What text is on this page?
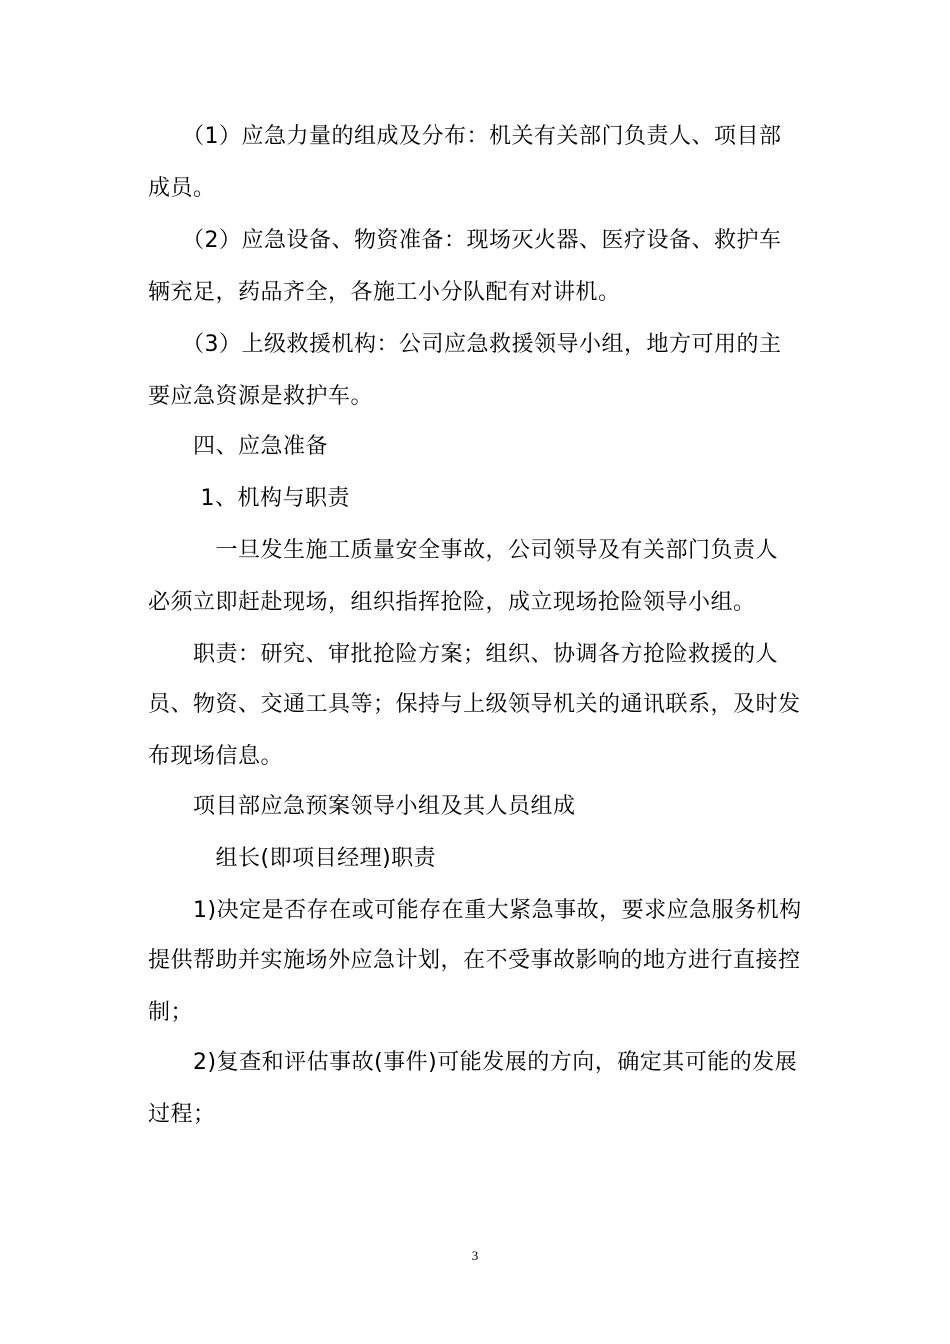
　　（1）应急力量的组成及分布：机关有关部门负责人、项目部
成员。
　　（2）应急设备、物资准备：现场灭火器、医疗设备、救护车
辆充足，药品齐全，各施工小分队配有对讲机。
　　（3）上级救援机构：公司应急救援领导小组，地方可用的主
要应急资源是救护车。
　　四、应急准备
　　 1、机构与职责
　　　一旦发生施工质量安全事故，公司领导及有关部门负责人
必须立即赶赴现场，组织指挥抢险，成立现场抢险领导小组。
　　职责：研究、审批抢险方案；组织、协调各方抢险救援的人
员、物资、交通工具等；保持与上级领导机关的通讯联系，及时发
布现场信息。
　　项目部应急预案领导小组及其人员组成
　　　组长(即项目经理)职责
　　1)决定是否存在或可能存在重大紧急事故，要求应急服务机构
提供帮助并实施场外应急计划，在不受事故影响的地方进行直接控
制；
　　2)复查和评估事故(事件)可能发展的方向，确定其可能的发展
过程；
3
